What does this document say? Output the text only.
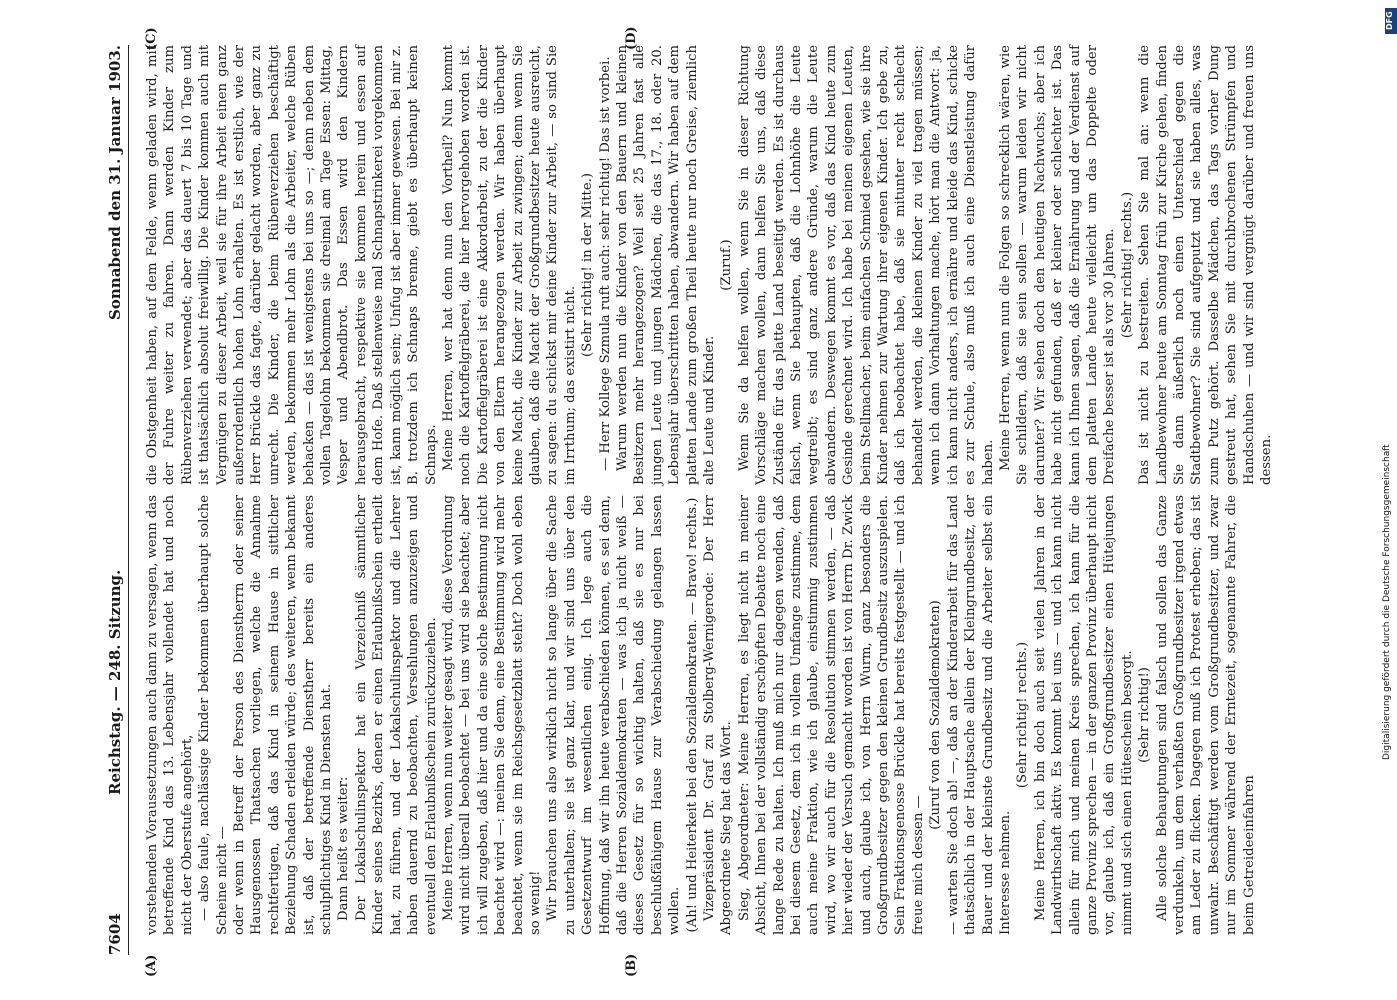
7604
Reichstag. — 248. Sitzung.
Sonnabend den 31. Januar 1903.
(A)	(B)
(C)	(D)

vorstehenden Voraussetzungen auch dann zu versagen, wenn das betreffende Kind das 13. Lebensjahr vollendet hat und noch nicht der Oberstufe angehört, — also faule, nachlässige Kinder bekommen überhaupt solche Scheine nicht — oder wenn in Betreff der Person des Dienstherrn oder seiner Hausgenossen Thatsachen vorliegen, welche die Annahme rechtfertigen, daß das Kind in seinem Hause in sittlicher Beziehung Schaden erleiden würde; des weiteren, wenn bekannt ist, daß der betreffende Dienstherr bereits ein anderes schulpflichtiges Kind in Diensten hat. Dann heißt es weiter: Der Lokalschulinspektor hat ein Verzeichniß sämmtlicher Kinder seines Bezirks, denen er einen Erlaubnißschein ertheilt hat, zu führen, und der Lokalschulinspektor und die Lehrer haben dauernd zu beobachten, Versehlungen anzuzeigen und eventuell den Erlaubnißschein zurückzuziehen. Meine Herren, wenn nun weiter gesagt wird, diese Verordnung wird nicht überall beobachtet — bei uns wird sie beachtet; aber ich will zugeben, daß hier und da eine solche Bestimmung nicht beachtet wird —: meinen Sie denn, eine Bestimmung wird mehr beachtet, wenn sie im Reichsgesetzblatt steht? Doch wohl eben so wenig! Wir brauchen uns also wirklich nicht so lange über die Sache zu unterhalten; sie ist ganz klar, und wir sind uns über den Gesetzentwurf im wesentlichen einig. Ich lege auch die Hoffnung, daß wir ihn heute verabschieden können, es sei denn, daß die Herren Sozialdemokraten — was ich ja nicht weiß — dieses Gesetz für so wichtig halten, daß sie es nur bei beschlußfähigem Hause zur Verabschiedung gelangen lassen wollen. (Ah! und Heiterkeit bei den Sozialdemokraten. — Bravo! rechts.) Vizepräsident Dr. Graf zu Stolberg-Wernigerode: Der Herr Abgeordnete Sieg hat das Wort. Sieg, Abgeordneter: Meine Herren, es liegt nicht in meiner Absicht, Ihnen bei der vollständig erschöpften Debatte noch eine lange Rede zu halten. Ich muß mich nur dagegen wenden, daß bei diesem Gesetz, dem ich in vollem Umfange zustimme, dem auch meine Fraktion, wie ich glaube, einstimmig zustimmen wird, wo wir auch für die Resolution stimmen werden, — daß hier wieder der Versuch gemacht worden ist von Herrn Dr. Zwick und auch, glaube ich, von Herrn Wurm, ganz besonders die Großgrundbesitzer gegen den kleinen Grundbesitz auszuspielen. Sein Fraktionsgenosse Brückle hat bereits festgestellt — und ich freue mich dessen —

(Zuruf von den Sozialdemokraten) — warten Sie doch ab! —, daß an der Kinderarbeit für das Land thatsächlich in der Hauptsache allein der Kleingrundbesitz, der Bauer und der kleinste Grundbesitz und die Arbeiter selbst ein Interesse nehmen.

(Sehr richtig! rechts.) Meine Herren, ich bin doch auch seit vielen Jahren in der Landwirthschaft aktiv. Es kommt bei uns — und ich kann nicht allein für mich und meinen Kreis sprechen, ich kann für die ganze Provinz sprechen — in der ganzen Provinz überhaupt nicht vor, glaube ich, daß ein Großgrundbesitzer einen Hütejungen nimmt und sich einen Hüteschein besorgt. (Sehr richtig!) Alle solche Behauptungen sind falsch und sollen das Ganze verdunkeln, um dem verhaßten Großgrundbesitzer irgend etwas am Leder zu flicken. Dagegen muß ich Protest erheben; das ist unwahr. Beschäftigt werden vom Großgrundbesitzer, und zwar nur im Sommer während der Erntezeit, sogenannte Fahrer, die beim Getreideeinfahren

die Obstgenheit haben, auf dem Felde, wenn geladen wird, mit der Fuhre weiter zu fahren. Dann werden Kinder zum Rübenverziehen verwendet; aber das dauert 7 bis 10 Tage und ist thatsächlich absolut freiwillig. Die Kinder kommen auch mit Vergnügen zu dieser Arbeit, weil sie für ihre Arbeit einen ganz außerordentlich hohen Lohn erhalten. Es ist erstlich, wie der Herr Brückle das fagte, darüber gelacht worden, aber ganz zu unrecht. Die Kinder, die beim Rübenverziehen beschäftigt werden, bekommen mehr Lohn als die Arbeiter, welche Rüben behacken — das ist wenigstens bei uns so —; denn neben dem vollen Tagelohn bekommen sie dreimal am Tage Essen: Mittag, Vesper und Abendbrot. Das Essen wird den Kindern herausgebracht, respektive sie kommen herein und essen auf dem Hofe. Daß stellenweise mal Schnapstrinkerei vorgekommen ist, kann möglich sein; Unfug ist aber immer gewesen. Bei mir z. B. trotzdem ich Schnaps brenne, giebt es überhaupt keinen Schnaps. Meine Herren, wer hat denn nun den Vortheil? Nun kommt noch die Kartoffelgräberei, die hier hervorgehoben worden ist. Die Kartoffelgräberei ist eine Akkordarbeit, zu der die Kinder von den Eltern herangezogen werden. Wir haben überhaupt keine Macht, die Kinder zur Arbeit zu zwingen; denn wenn Sie glauben, daß die Macht der Großgrundbesitzer heute ausreicht, zu sagen: du schickst mir deine Kinder zur Arbeit, — so sind Sie im Irrthum; das existirt nicht.

(Sehr richtig! in der Mitte.) — Herr Kollege Szmula ruft auch: sehr richtig! Das ist vorbei. Warum werden nun die Kinder von den Bauern und kleinen Besitzern mehr herangezogen? Weil seit 25 Jahren fast alle jungen Leute und jungen Mädchen, die das 17., 18. oder 20. Lebensjahr überschritten haben, abwandern. Wir haben auf dem platten Lande zum großen Theil heute nur noch Greise, ziemlich alte Leute und Kinder.

(Zuruf.) Wenn Sie da helfen wollen, wenn Sie in dieser Richtung Vorschläge machen wollen, dann helfen Sie uns, daß diese Zustände für das platte Land beseitigt werden. Es ist durchaus falsch, wenn Sie behaupten, daß die Lohnhöhe die Leute wegtreibt; es sind ganz andere Gründe, warum die Leute abwandern. Deswegen kommt es vor, daß das Kind heute zum Gesinde gerechnet wird. Ich habe bei meinen eigenen Leuten, beim Stellmacher, beim einfachen Schmied gesehen, wie sie ihre Kinder nehmen zur Wartung ihrer eigenen Kinder. Ich gebe zu, daß ich beobachtet habe, daß sie mitunter recht schlecht behandelt werden, die kleinen Kinder zu viel tragen müssen; wenn ich dann Vorhaltungen mache, hört man die Antwort: ja, ich kann nicht anders, ich ernähre und kleide das Kind, schicke es zur Schule, also muß ich auch eine Dienstleistung dafür haben. Meine Herren, wenn nun die Folgen so schrecklich wären, wie Sie schildern, daß sie sein sollen — warum leiden wir nicht darunter? Wir sehen doch den heutigen Nachwuchs; aber ich habe nicht gefunden, daß er kleiner oder schlechter ist. Das kann ich Ihnen sagen, daß die Ernährung und der Verdienst auf dem platten Lande heute vielleicht um das Doppelte oder Dreifache besser ist als vor 30 Jahren. (Sehr richtig! rechts.) Das ist nicht zu bestreiten. Sehen Sie mal an: wenn die Landbewohner heute am Sonntag früh zur Kirche gehen, finden Sie dann äußerlich noch einen Unterschied gegen die Stadtbewohner? Sie sind aufgeputzt und sie haben alles, was zum Putz gehört. Dasselbe Mädchen, das Tags vorher Dung gestreut hat, sehen Sie mit durchbrochenen Strümpfen und Handschuhen — und wir sind vergnügt darüber und freuen uns dessen.

DFG
Digitalisierung gefördert durch die Deutsche Forschungsgemeinschaft
